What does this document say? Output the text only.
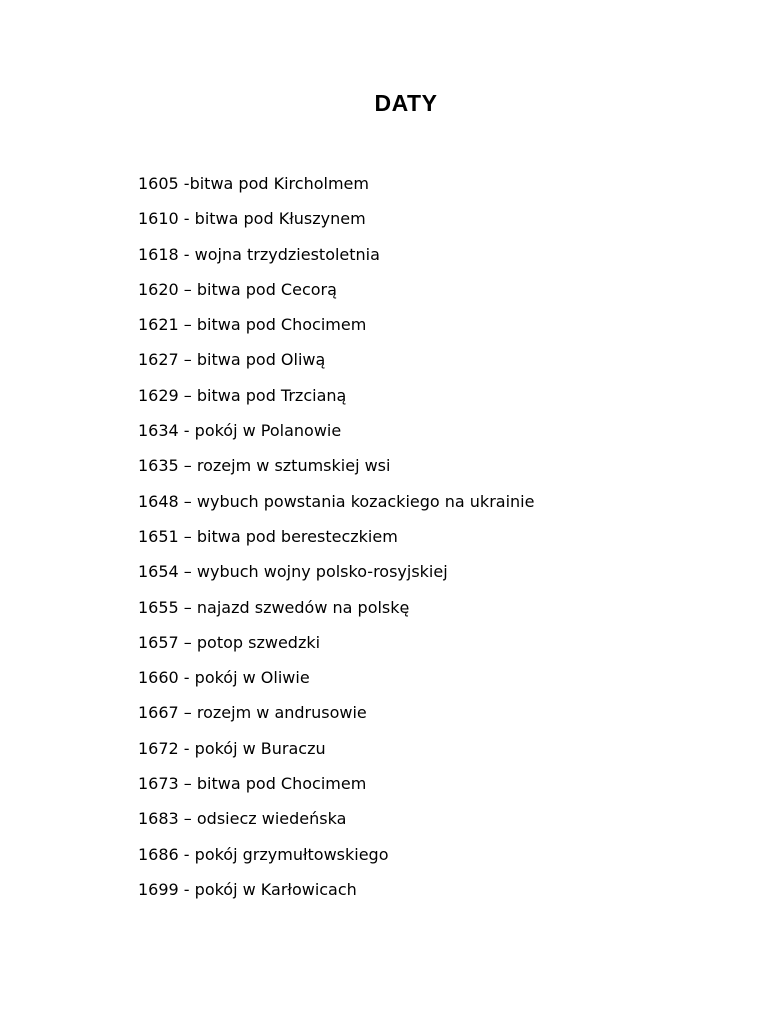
DATY
1605 -bitwa pod Kircholmem
1610 - bitwa pod Kłuszynem
1618 - wojna trzydziestoletnia
1620 – bitwa pod Cecorą
1621 – bitwa pod Chocimem
1627 – bitwa pod Oliwą
1629 – bitwa pod Trzcianą
1634 - pokój w Polanowie
1635 – rozejm w sztumskiej wsi
1648 – wybuch powstania kozackiego na ukrainie
1651 – bitwa pod beresteczkiem
1654 – wybuch wojny polsko-rosyjskiej
1655 – najazd szwedów na polskę
1657 – potop szwedzki
1660 - pokój w Oliwie
1667 – rozejm w andrusowie
1672 - pokój w Buraczu
1673 – bitwa pod Chocimem
1683 – odsiecz wiedeńska
1686 - pokój grzymułtowskiego
1699 - pokój w Karłowicach
